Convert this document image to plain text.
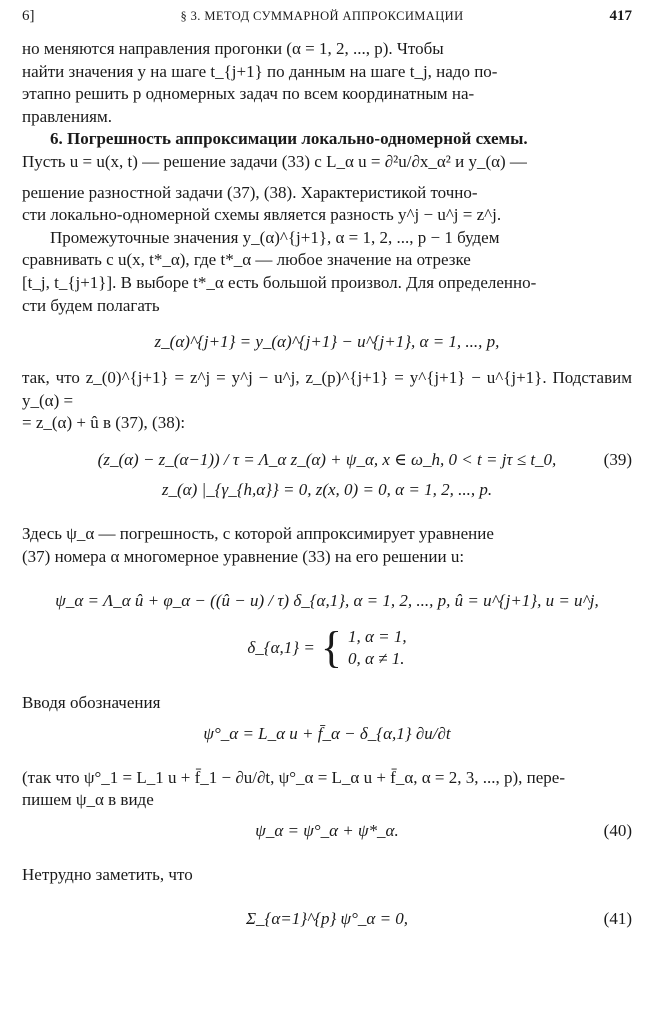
6]	§ 3. МЕТОД СУММАРНОЙ АППРОКСИМАЦИИ	417
но меняются направления прогонки (α = 1, 2, ..., p). Чтобы
найти значения y на шаге t_{j+1} по данным на шаге t_j, надо по-
этапно решить p одномерных задач по всем координатным на-
правлениям.
6. Погрешность аппроксимации локально-одномерной схемы.
Пусть u = u(x, t) — решение задачи (33) с L_α u = ∂²u/∂x_α² и y_(α) —
решение разностной задачи (37), (38). Характеристикой точно-
сти локально-одномерной схемы является разность y^j − u^j = z^j.
Промежуточные значения y_(α)^{j+1}, α = 1, 2, ..., p − 1 будем
сравнивать с u(x, t*_α), где t*_α — любое значение на отрезке
[t_j, t_{j+1}]. В выборе t*_α есть большой произвол. Для определенно-
сти будем полагать
z_(α)^{j+1} = y_(α)^{j+1} − u^{j+1}, α = 1, ..., p,
так, что z_(0)^{j+1} = z^j = y^j − u^j, z_(p)^{j+1} = y^{j+1} − u^{j+1}. Подставим y_(α) =
= z_(α) + û в (37), (38):
(z_(α) − z_(α−1)) / τ = Λ_α z_(α) + ψ_α, x ∈ ω_h, 0 < t = jτ ≤ t_0,	(39)
z_(α) |_{γ_{h,α}} = 0, z(x, 0) = 0, α = 1, 2, ..., p.
Здесь ψ_α — погрешность, с которой аппроксимирует уравнение
(37) номера α многомерное уравнение (33) на его решении u:
ψ_α = Λ_α û + φ_α − ((û − u) / τ) δ_{α,1}, α = 1, 2, ..., p, û = u^{j+1}, u = u^j,
δ_{α,1} = { 1, α = 1,
0, α ≠ 1.
Вводя обозначения
ψ°_α = L_α u + f̄_α − δ_{α,1} ∂u/∂t
(так что ψ°_1 = L_1 u + f̄_1 − ∂u/∂t, ψ°_α = L_α u + f̄_α, α = 2, 3, ..., p), пере-
пишем ψ_α в виде
ψ_α = ψ°_α + ψ*_α.	(40)
Нетрудно заметить, что
Σ_{α=1}^{p} ψ°_α = 0,	(41)
